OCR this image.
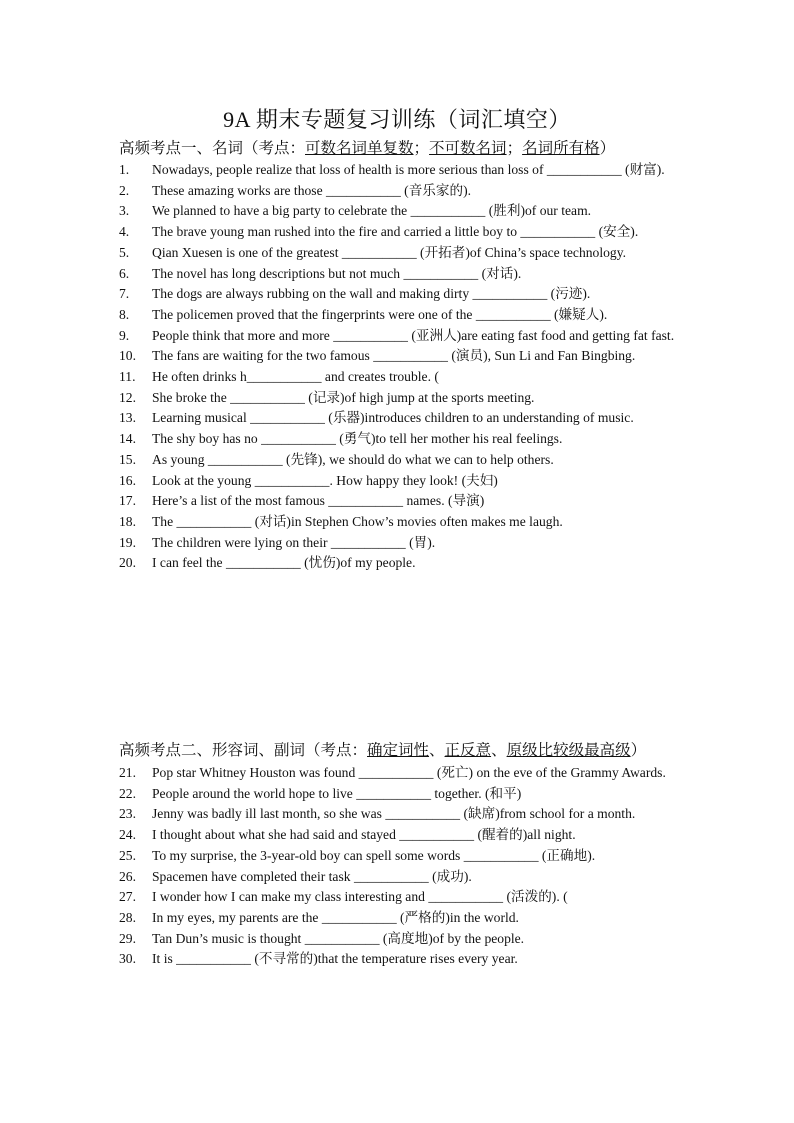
9A 期末专题复习训练（词汇填空）
高频考点一、名词（考点：可数名词单复数；不可数名词；名词所有格）
1.	Nowadays, people realize that loss of health is more serious than loss of ___________ (财富).
2.	These amazing works are those ___________ (音乐家的).
3.	We planned to have a big party to celebrate the ___________ (胜利)of our team.
4.	The brave young man rushed into the fire and carried a little boy to ___________ (安全).
5.	Qian Xuesen is one of the greatest ___________ (开拓者)of China’s space technology.
6.	The novel has long descriptions but not much ___________ (对话).
7.	The dogs are always rubbing on the wall and making dirty ___________ (污迹).
8.	The policemen proved that the fingerprints were one of the ___________ (嫌疑人).
9.	People think that more and more ___________ (亚洲人)are eating fast food and getting fat fast.
10.	The fans are waiting for the two famous ___________ (演员), Sun Li and Fan Bingbing.
11.	He often drinks h___________ and creates trouble. (
12.	She broke the ___________ (记录)of high jump at the sports meeting.
13.	Learning musical ___________ (乐器)introduces children to an understanding of music.
14.	The shy boy has no ___________ (勇气)to tell her mother his real feelings.
15.	As young ___________ (先锋), we should do what we can to help others.
16.	Look at the young ___________. How happy they look! (夫妇)
17.	Here’s a list of the most famous ___________ names. (导演)
18.	The ___________ (对话)in Stephen Chow’s movies often makes me laugh.
19.	The children were lying on their ___________ (胃).
20.	I can feel the ___________ (忧伤)of my people.
高频考点二、形容词、副词（考点：确定词性、正反意、原级比较级最高级）
21.	Pop star Whitney Houston was found ___________ (死亡) on the eve of the Grammy Awards.
22.	People around the world hope to live ___________ together. (和平)
23.	Jenny was badly ill last month, so she was ___________ (缺席)from school for a month.
24.	I thought about what she had said and stayed ___________ (醒着的)all night.
25.	To my surprise, the 3-year-old boy can spell some words ___________ (正确地).
26.	Spacemen have completed their task ___________ (成功).
27.	I wonder how I can make my class interesting and ___________ (活泼的). (
28.	In my eyes, my parents are the ___________ (严格的)in the world.
29.	Tan Dun’s music is thought ___________ (高度地)of by the people.
30.	It is ___________ (不寻常的)that the temperature rises every year.
